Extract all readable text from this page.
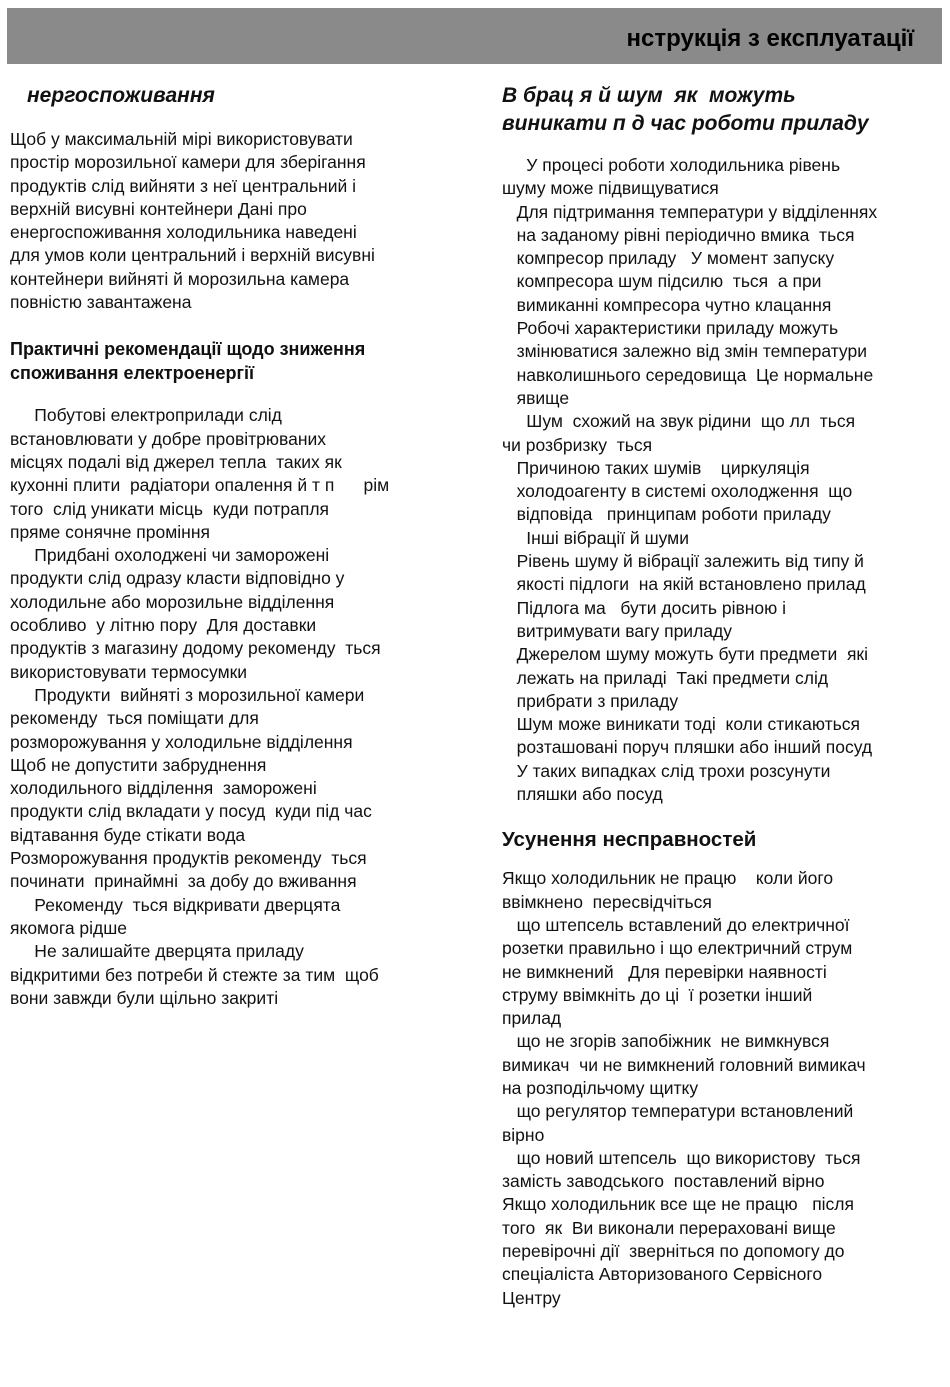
нструкція з експлуатації
нергоспоживання

Щоб у максимальній мірі використовувати
простір морозильної камери для зберігання
продуктів слід вийняти з неї центральний і
верхній висувні контейнери Дані про
енергоспоживання холодильника наведені
для умов коли центральний і верхній висувні
контейнери вийняті й морозильна камера
повністю завантажена

Практичні рекомендації щодо зниження
споживання електроенергії

Побутові електроприлади слід
встановлювати у добре провітрюваних
місцях подалі від джерел тепла  таких як
кухонні плити  радіатори опалення й т п      рім
того  слід уникати місць  куди потрапля
пряме сонячне проміння
Придбані охолоджені чи заморожені
продукти слід одразу класти відповідно у
холодильне або морозильне відділення
особливо  у літню пору  Для доставки
продуктів з магазину додому рекоменду  ться
використовувати термосумки
Продукти  вийняті з морозильної камери
рекоменду  ться поміщати для
розморожування у холодильне відділення
Щоб не допустити забруднення
холодильного відділення  заморожені
продукти слід вкладати у посуд  куди під час
відтавання буде стікати вода
Розморожування продуктів рекоменду  ться
починати  принаймні  за добу до вживання
Рекоменду  ться відкривати дверцята
якомога рідше
Не залишайте дверцята приладу
відкритими без потреби й стежте за тим  щоб
вони завжди були щільно закриті

В брац я й шум  як  можуть
виникати п д час роботи приладу

У процесі роботи холодильника рівень
шуму може підвищуватися
Для підтримання температури у відділеннях
на заданому рівні періодично вмика  ться
компресор приладу   У момент запуску
компресора шум підсилю  ться  а при
вимиканні компресора чутно клацання
Робочі характеристики приладу можуть
змінюватися залежно від змін температури
навколишнього середовища  Це нормальне
явище
Шум  схожий на звук рідини  що лл  ться
чи розбризку  ться
Причиною таких шумів    циркуляція
холодоагенту в системі охолодження  що
відповіда   принципам роботи приладу
Інші вібрації й шуми
Рівень шуму й вібрації залежить від типу й
якості підлоги  на якій встановлено прилад
Підлога ма   бути досить рівною і
витримувати вагу приладу
Джерелом шуму можуть бути предмети  які
лежать на приладі  Такі предмети слід
прибрати з приладу
Шум може виникати тоді  коли стикаються
розташовані поруч пляшки або інший посуд
У таких випадках слід трохи розсунути
пляшки або посуд

Усунення несправностей

Якщо холодильник не працю    коли його
ввімкнено  пересвідчіться
що штепсель вставлений до електричної
розетки правильно і що електричний струм
не вимкнений   Для перевірки наявності
струму ввімкніть до ці  ї розетки інший
прилад
що не згорів запобіжник  не вимкнувся
вимикач  чи не вимкнений головний вимикач
на розподільчому щитку
що регулятор температури встановлений
вірно
що новий штепсель  що використову  ться
замість заводського  поставлений вірно
Якщо холодильник все ще не працю   після
того  як  Ви виконали перераховані вище
перевірочні дії  зверніться по допомогу до
спеціаліста Авторизованого Сервісного
Центру
